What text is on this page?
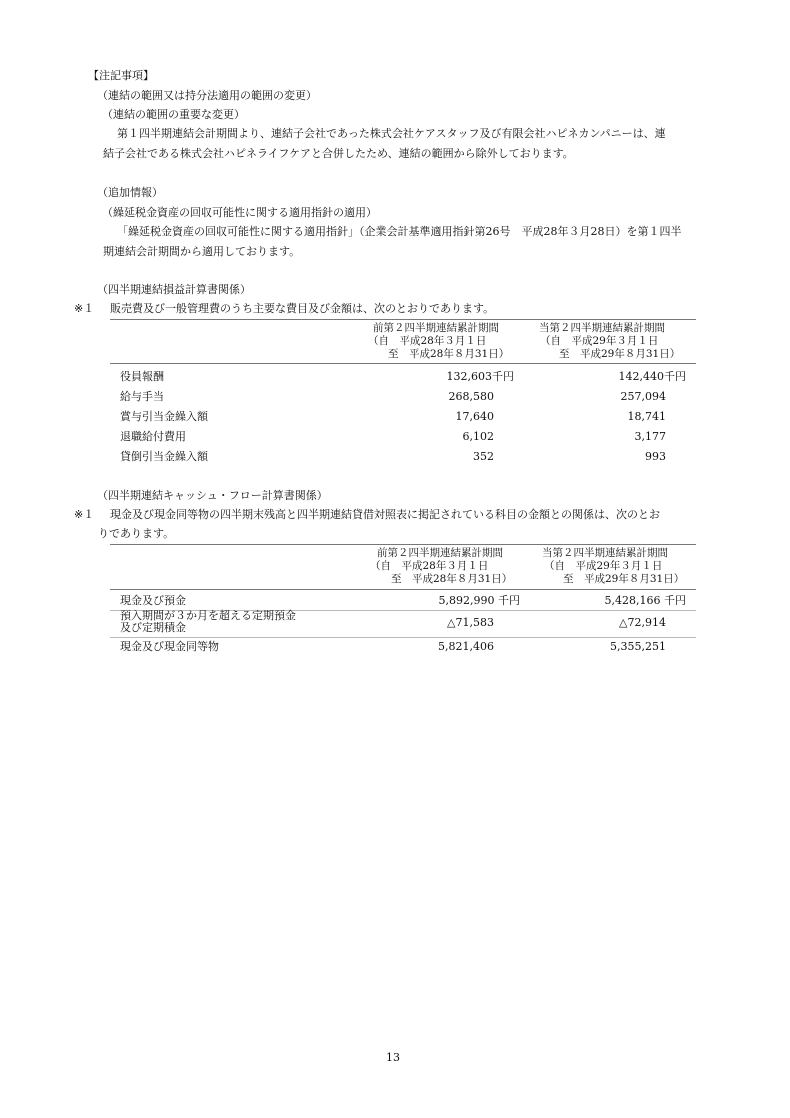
【注記事項】
（連結の範囲又は持分法適用の範囲の変更）
（連結の範囲の重要な変更）
第１四半期連結会計期間より、連結子会社であった株式会社ケアスタッフ及び有限会社ハピネカンパニーは、連
結子会社である株式会社ハピネライフケアと合併したため、連結の範囲から除外しております。
（追加情報）
（繰延税金資産の回収可能性に関する適用指針の適用）
「繰延税金資産の回収可能性に関する適用指針」（企業会計基準適用指針第26号　平成28年３月28日）を第１四半
期連結会計期間から適用しております。
（四半期連結損益計算書関係）
※１ 販売費及び一般管理費のうち主要な費目及び金額は、次のとおりであります。
前第２四半期連結累計期間
（自　平成28年３月１日
至　平成28年８月31日）
当第２四半期連結累計期間
（自　平成29年３月１日
至　平成29年８月31日）
役員報酬	132,603千円	142,440千円
給与手当	268,580	257,094
賞与引当金繰入額	17,640	18,741
退職給付費用	6,102	3,177
貸倒引当金繰入額	352	993
（四半期連結キャッシュ・フロー計算書関係）
※１ 現金及び現金同等物の四半期末残高と四半期連結貸借対照表に掲記されている科目の金額との関係は、次のとお
りであります。
前第２四半期連結累計期間
（自　平成28年３月１日
至　平成28年８月31日）
当第２四半期連結累計期間
（自　平成29年３月１日
至　平成29年８月31日）
現金及び預金	5,892,990 千円	5,428,166 千円
預入期間が３か月を超える定期預金
及び定期積金	△71,583	△72,914
現金及び現金同等物	5,821,406	5,355,251
13
